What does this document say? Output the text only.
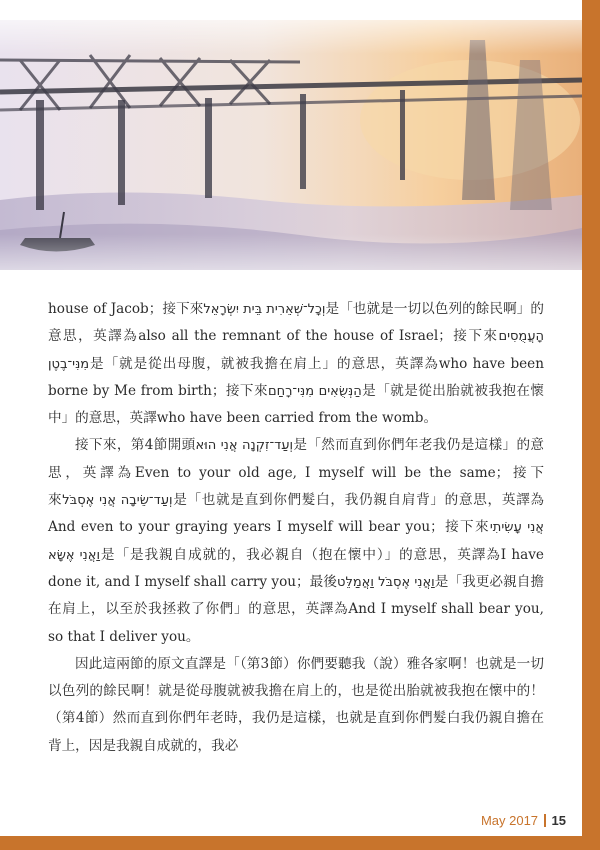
house of Jacob；接下來וְכָל־שְׁאֵרִית בֵּית יִשְׂרָאֵל是「也就是一切以色列的餘民啊」的意思，英譯為also all the remnant of the house of Israel；接下來הָעֲמֻסִים מִנִּי־בֶטֶן是「就是從出母腹，就被我擔在肩上」的意思，英譯為who have been borne by Me from birth；接下來הַנְּשֻׂאִים מִנִּי־רָחַם是「就是從出胎就被我抱在懷中」的意思，英譯who have been carried from the womb。

接下來，第4節開頭וְעַד־זִקְנָה אֲנִי הוּא是「然而直到你們年老我仍是這樣」的意思，英譯為Even to your old age, I myself will be the same；接下來וְעַד־שֵׂיבָה אֲנִי אֶסְבֹּל是「也就是直到你們髮白，我仍親自肩背」的意思，英譯為And even to your graying years I myself will bear you；接下來אֲנִי עָשִׂיתִי וַאֲנִי אֶשָּׂא是「是我親自成就的，我必親自（抱在懷中）」的意思，英譯為I have done it, and I myself shall carry you；最後וַאֲנִי אֶסְבֹּל וַאֲמַלֵּט是「我更必親自擔在肩上，以至於我拯救了你們」的意思，英譯為And I myself shall bear you, so that I deliver you。

因此這兩節的原文直譯是「（第3節）你們要聽我（說）雅各家啊！也就是一切以色列的餘民啊！就是從母腹就被我擔在肩上的，也是從出胎就被我抱在懷中的！（第4節）然而直到你們年老時，我仍是這樣，也就是直到你們髮白我仍親自擔在背上，因是我親自成就的，我必

May 2017 15
